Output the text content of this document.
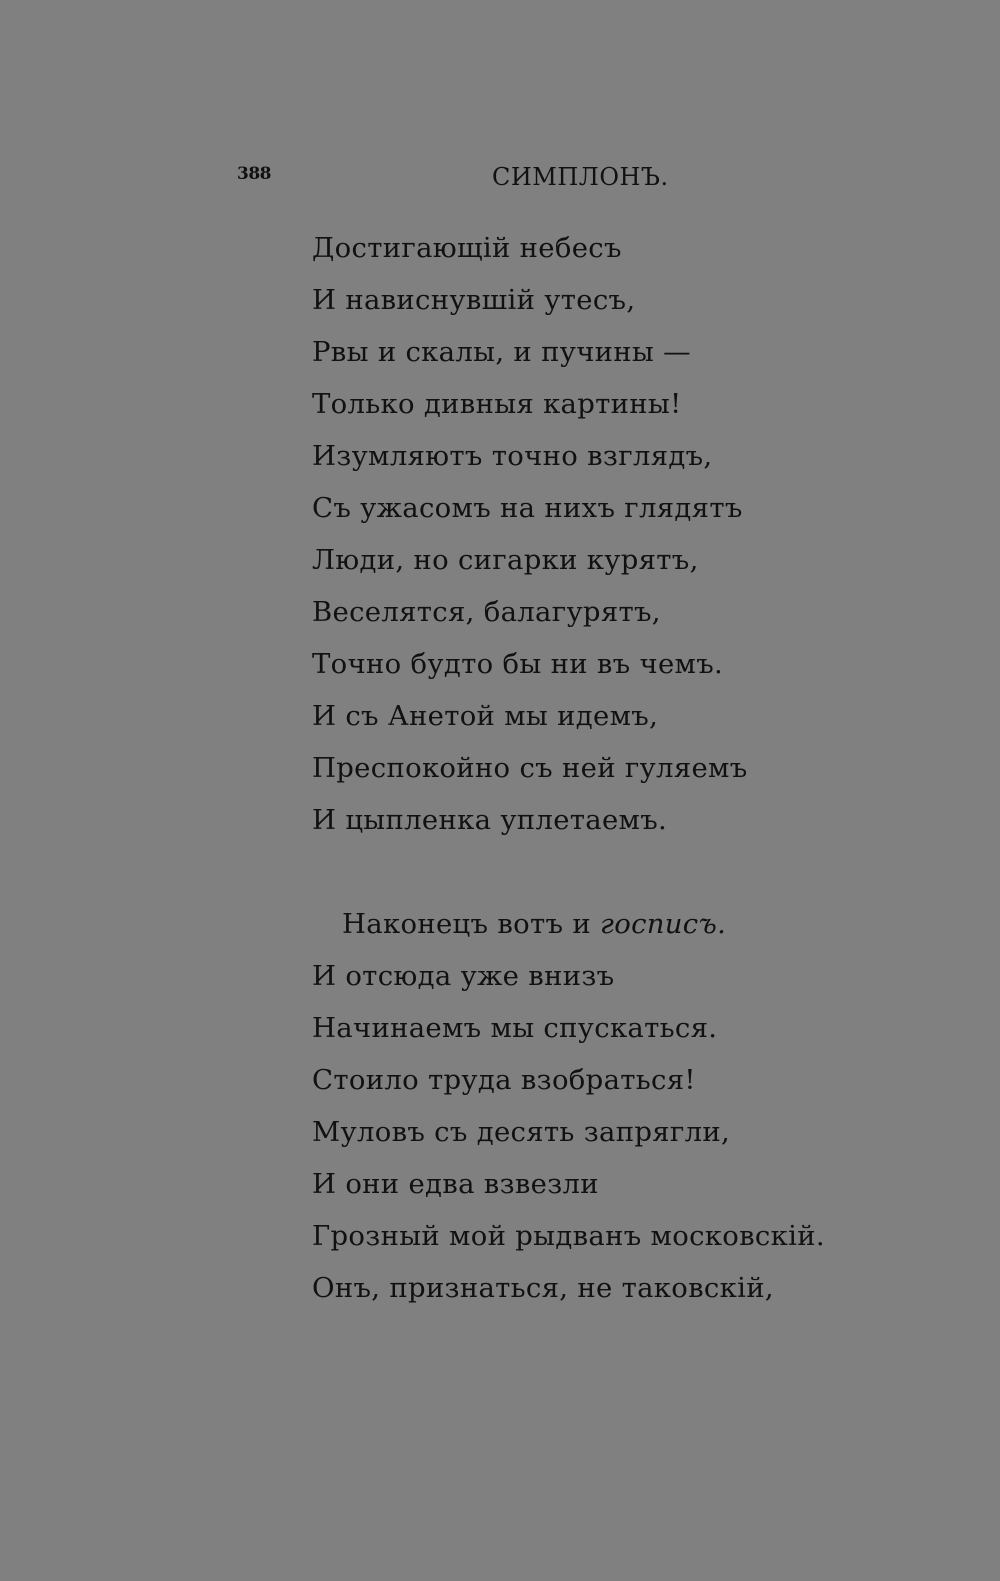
388	СИМПЛОНЪ.
Достигающій небесъ
И нависнувшій утесъ,
Рвы и скалы, и пучины —
Только дивныя картины!
Изумляютъ точно взглядъ,
Съ ужасомъ на нихъ глядятъ
Люди, но сигарки курятъ,
Веселятся, балагурятъ,
Точно будто бы ни въ чемъ.
И съ Анетой мы идемъ,
Преспокойно съ ней гуляемъ
И цыпленка уплетаемъ.
Наконецъ вотъ и госписъ.
И отсюда уже внизъ
Начинаемъ мы спускаться.
Стоило труда взобраться!
Муловъ съ десять запрягли,
И они едва взвезли
Грозный мой рыдванъ московскій.
Онъ, признаться, не таковскій,
